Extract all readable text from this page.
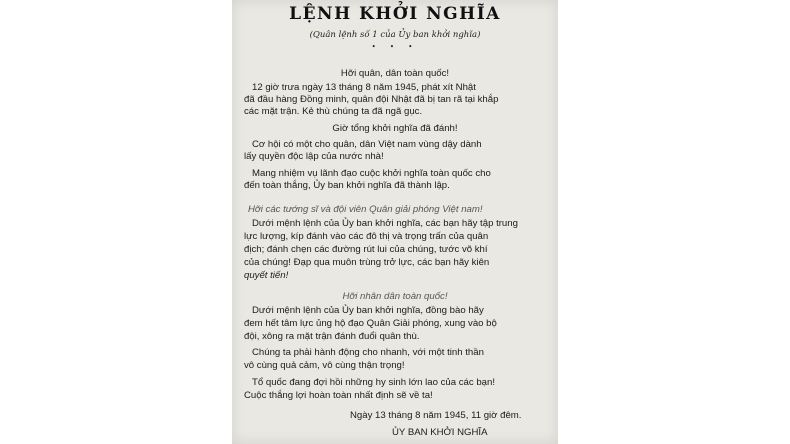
LỆNH KHỞI NGHĨA

(Quân lệnh số 1 của Ủy ban khởi nghĩa)

• • •

Hỡi quân, dân toàn quốc!

12 giờ trưa ngày 13 tháng 8 năm 1945, phát xít Nhật

đã đầu hàng Đồng minh, quân đội Nhật đã bị tan rã tại khắp

các mặt trận. Kẻ thù chúng ta đã ngã gục.

Giờ tổng khởi nghĩa đã đánh!

Cơ hội có một cho quân, dân Việt nam vùng dậy dành

lấy quyền độc lập của nước nhà!

Mang nhiệm vụ lãnh đạo cuộc khởi nghĩa toàn quốc cho

đến toàn thắng, Ủy ban khởi nghĩa đã thành lập.

Hỡi các tướng sĩ và đội viên Quân giải phóng Việt nam!

Dưới mệnh lệnh của Ủy ban khởi nghĩa, các bạn hãy tập trung

lực lượng, kíp đánh vào các đô thị và trọng trấn của quân

địch; đánh chẹn các đường rút lui của chúng, tước võ khí

của chúng! Đạp qua muôn trùng trở lực, các bạn hãy kiên

quyết tiến!

Hỡi nhân dân toàn quốc!

Dưới mệnh lệnh của Ủy ban khởi nghĩa, đồng bào hãy

đem hết tâm lực ủng hộ đạo Quân Giải phóng, xung vào bộ

đội, xông ra mặt trận đánh đuổi quân thù.

Chúng ta phải hành động cho nhanh, với một tinh thần

vô cùng quả cảm, vô cùng thận trọng!

Tổ quốc đang đợi hồi những hy sinh lớn lao của các bạn!

Cuộc thắng lợi hoàn toàn nhất định sẽ về ta!

Ngày 13 tháng 8 năm 1945, 11 giờ đêm.

ỦY BAN KHỞI NGHĨA
